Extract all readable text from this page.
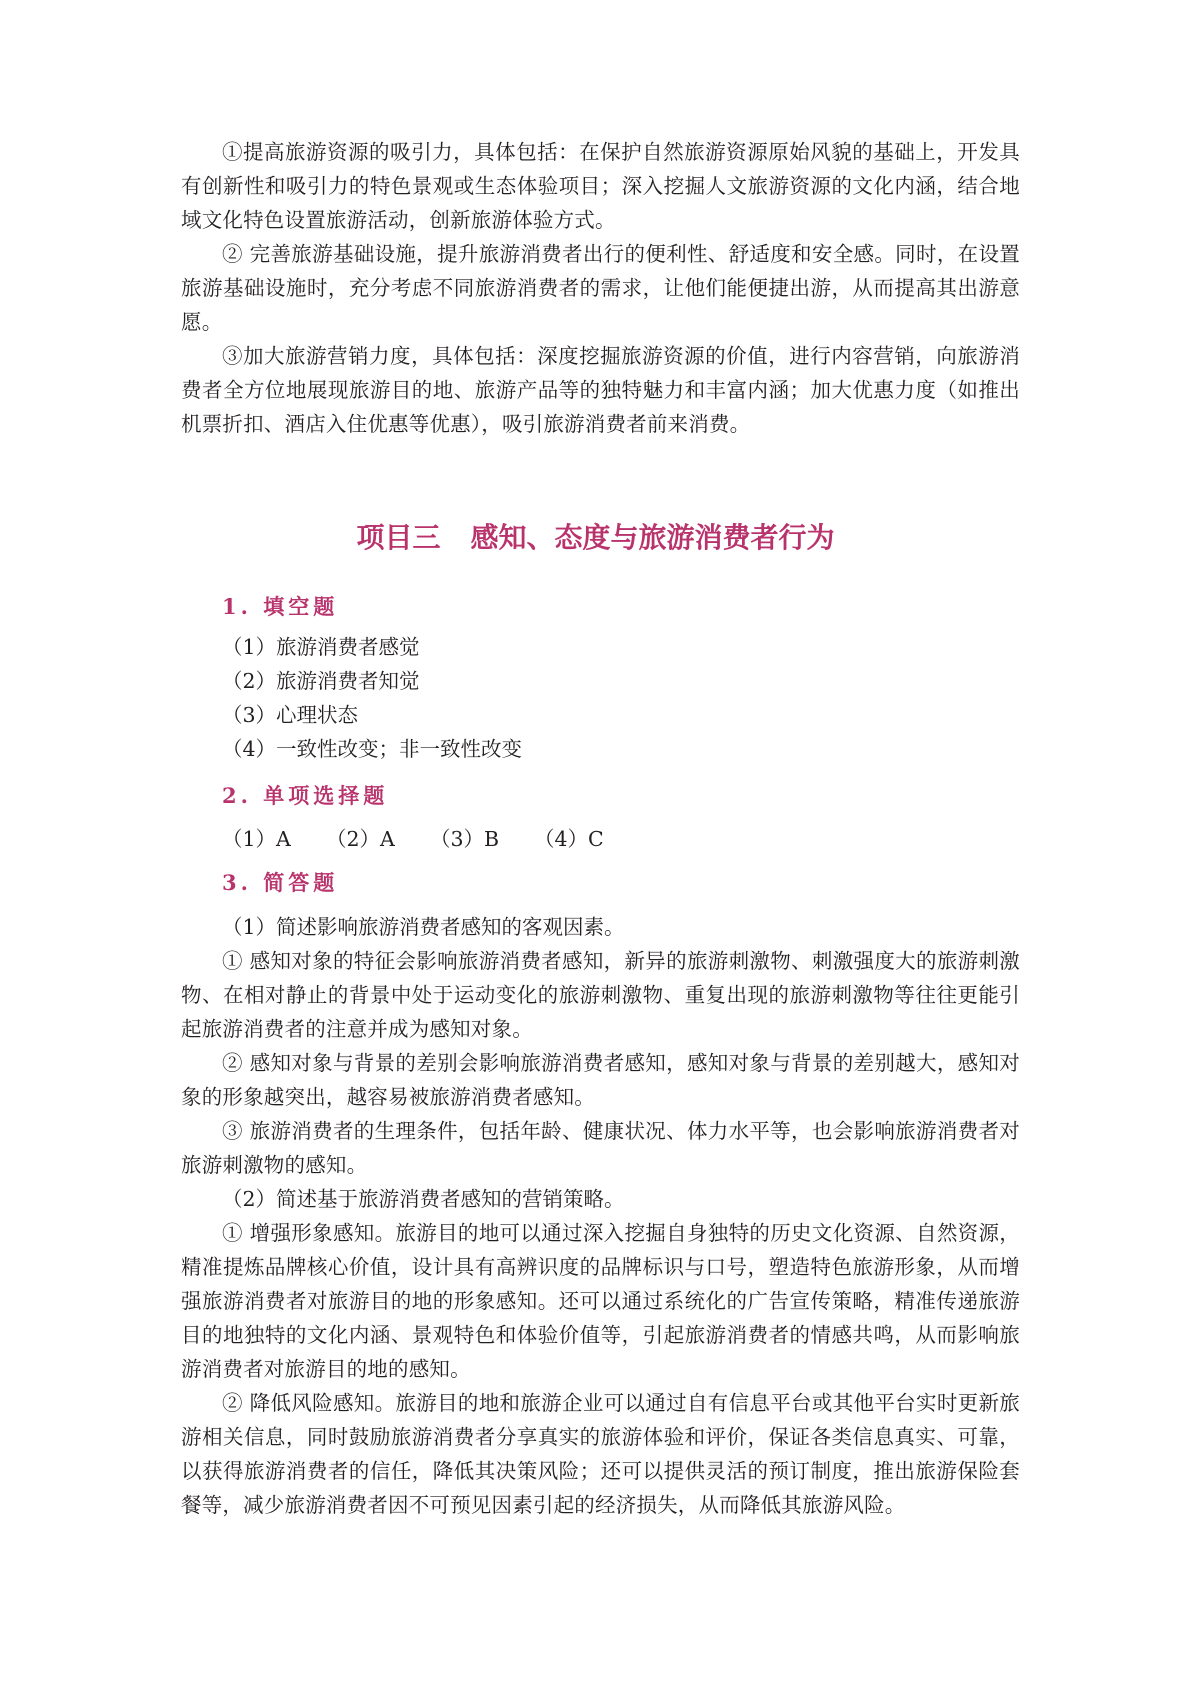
①提高旅游资源的吸引力，具体包括：在保护自然旅游资源原始风貌的基础上，开发具有创新性和吸引力的特色景观或生态体验项目；深入挖掘人文旅游资源的文化内涵，结合地域文化特色设置旅游活动，创新旅游体验方式。

② 完善旅游基础设施，提升旅游消费者出行的便利性、舒适度和安全感。同时，在设置旅游基础设施时，充分考虑不同旅游消费者的需求，让他们能便捷出游，从而提高其出游意愿。

③加大旅游营销力度，具体包括：深度挖掘旅游资源的价值，进行内容营销，向旅游消费者全方位地展现旅游目的地、旅游产品等的独特魅力和丰富内涵；加大优惠力度（如推出机票折扣、酒店入住优惠等优惠），吸引旅游消费者前来消费。

项目三 感知、态度与旅游消费者行为
1. 填空题

（1）旅游消费者感觉

（2）旅游消费者知觉

（3）心理状态

（4）一致性改变；非一致性改变

2. 单项选择题

（1）A	（2）A	（3）B	（4）C

3. 简答题

（1）简述影响旅游消费者感知的客观因素。

① 感知对象的特征会影响旅游消费者感知，新异的旅游刺激物、刺激强度大的旅游刺激物、在相对静止的背景中处于运动变化的旅游刺激物、重复出现的旅游刺激物等往往更能引起旅游消费者的注意并成为感知对象。

② 感知对象与背景的差别会影响旅游消费者感知，感知对象与背景的差别越大，感知对象的形象越突出，越容易被旅游消费者感知。

③ 旅游消费者的生理条件，包括年龄、健康状况、体力水平等，也会影响旅游消费者对旅游刺激物的感知。

（2）简述基于旅游消费者感知的营销策略。

① 增强形象感知。旅游目的地可以通过深入挖掘自身独特的历史文化资源、自然资源，精准提炼品牌核心价值，设计具有高辨识度的品牌标识与口号，塑造特色旅游形象，从而增强旅游消费者对旅游目的地的形象感知。还可以通过系统化的广告宣传策略，精准传递旅游目的地独特的文化内涵、景观特色和体验价值等，引起旅游消费者的情感共鸣，从而影响旅游消费者对旅游目的地的感知。

② 降低风险感知。旅游目的地和旅游企业可以通过自有信息平台或其他平台实时更新旅游相关信息，同时鼓励旅游消费者分享真实的旅游体验和评价，保证各类信息真实、可靠，以获得旅游消费者的信任，降低其决策风险；还可以提供灵活的预订制度，推出旅游保险套餐等，减少旅游消费者因不可预见因素引起的经济损失，从而降低其旅游风险。
